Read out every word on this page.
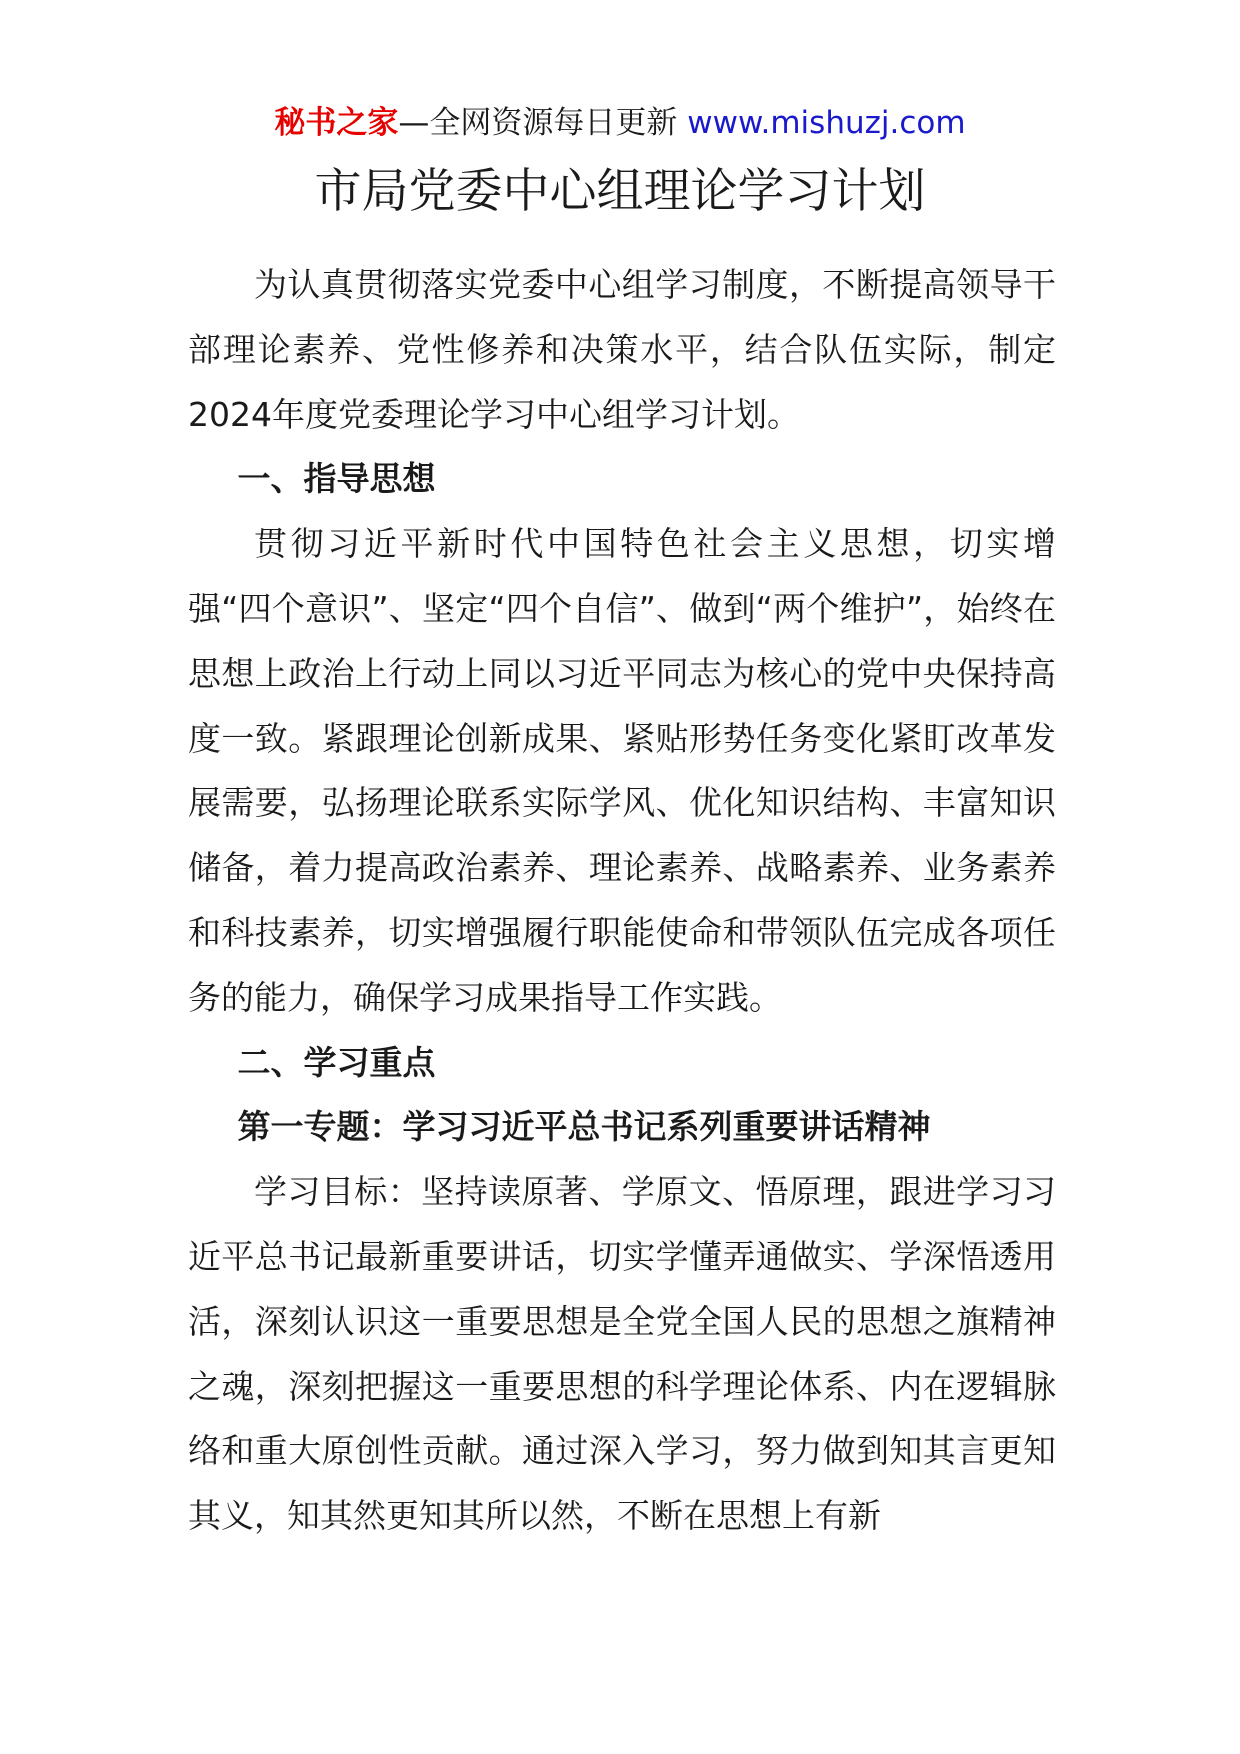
秘书之家—全网资源每日更新 www.mishuzj.com
市局党委中心组理论学习计划

为认真贯彻落实党委中心组学习制度，不断提高领导干部理论素养、党性修养和决策水平，结合队伍实际，制定2024年度党委理论学习中心组学习计划。

一、指导思想

贯彻习近平新时代中国特色社会主义思想，切实增强“四个意识”、坚定“四个自信”、做到“两个维护”，始终在思想上政治上行动上同以习近平同志为核心的党中央保持高度一致。紧跟理论创新成果、紧贴形势任务变化紧盯改革发展需要，弘扬理论联系实际学风、优化知识结构、丰富知识储备，着力提高政治素养、理论素养、战略素养、业务素养和科技素养，切实增强履行职能使命和带领队伍完成各项任务的能力，确保学习成果指导工作实践。

二、学习重点
第一专题：学习习近平总书记系列重要讲话精神

学习目标：坚持读原著、学原文、悟原理，跟进学习习近平总书记最新重要讲话，切实学懂弄通做实、学深悟透用活，深刻认识这一重要思想是全党全国人民的思想之旗精神之魂，深刻把握这一重要思想的科学理论体系、内在逻辑脉络和重大原创性贡献。通过深入学习，努力做到知其言更知其义，知其然更知其所以然，不断在思想上有新
